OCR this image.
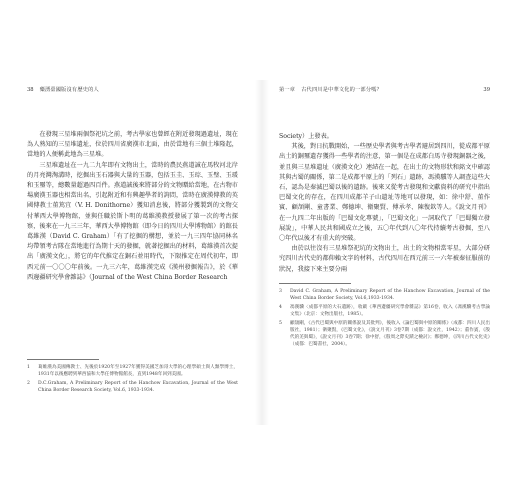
38 藥湧臺國版沒有歷史的人

在發現三星堆兩個祭祀坑之前，考古學家也曾經在附近發現過遺址，現在為人熟知的三星堆遺址，位於四川省廣漢市北面，由於當地有三個土堆隆起，當地的人便稱此地為三星堆。

三星堆遺址在一九二九年即有文物出土，當時的農民燕道誠在馬牧河北岸的月亮灣淘溝時，挖掘出玉石器與大量的玉器，包括玉圭、玉琮、玉璧、玉瑗和玉璽等，總數量超過四百件。燕道誠後來將部分的文物贈給當地，在古物市場廣漢玉器也相當出名，引起附近和有興趣學者的詢問，當時在廣漢傳教的英國傳教士董篤宜（V. H. Donithorne）獲知消息後，將部分獲製到的文物交付華西大學博物館，並與任職於斯卜明的葛維漢教授發展了第一次的考古探察，後來在一九三三年，華西大學博物館（即今日的四川大學博物館）的館長葛維漢（David C. Graham）「有了挖掘的構想，並於一九三四年協同林名均帶領考古隊在當地進行為期十天的發掘，就著挖掘出的材料，葛維漢首次提出「廣漢文化」，將它的年代推定在銅石並用時代，下限推定在周代初年，即西元前一〇〇〇年前後。一九三六年，葛維漢完成《漢州發掘報告》，於《華西邊疆研究學會雜誌》（Journal of the West China Border Research

1	葛維漢為美國傳教士、先後於1920年至1927年獲得美國芝加哥大學的心理學碩士與人類學博士，1931年以後應聘到華西協和大學任博物館館長，直到1948年回到美國。
2	D.C.Graham, A Preliminary Report of the Hanchow Excavation, Journal of the West China Border Research Society, Vol.6, 1933-1934.
第一章 古代四川是中華文化的一部分嗎？	39

Society）上發表。

其後，對日抗戰開始，一些歷史學者與考古學者避居到四川，從成都平原出土的銅璽遺存獲得一些學者的注意，第一個是在成都白馬寺發現銅器之後，並且與三星堆遺址（廣漢文化）連結在一起，在出土的文物形狀和銘文中確認其與古蜀的關係，第二是成都平原上的「列石」遺跡，馮漢驥等人調查這些大石，認為是秦滅巴蜀以後的遺跡。後來又從考古發現和文獻資料的研究中指出巴蜀文化的存在，在四川成都羊子山遺址等地可以發現，如：徐中舒、董作賓、顧頡剛、童書業、鄭德坤、衛聚賢、傅承孝、陳復欽等人。《說文月刊》在一九四二年出版的「巴蜀文化專號」，「巴蜀文化」一詞取代了「巴蜀獨立發展說」，中華人民共和國成立之後，五〇年代到八〇年代持續考古發掘，至八〇年代以後才有重大的突破。

由於以往沒有三星堆祭祀坑的文物出土，出土的文物相當零星，大部分研究四川古代史的都仰賴文字的材料，古代四川在西元前三一六年被秦征服前的狀況，我接下來主要分兩

3	David C. Graham, A Preliminary Report of the Hanchow Excavation, Journal of the West China Border Society, Vol.6,1933-1934.
4	馮漢驥〈成都平原的大石遺跡〉，收載《華西邊疆研究學會雜誌》第16卷，收入《馮漢驥考古學論文集》（北京：文物出版社，1985）。
5	顧頡剛，《古代巴蜀與中原的關係說及其批判》，後收入《論巴蜀與中原的關係》（成都：四川人民出版社，1981）；衛聚賢，《巴蜀文化》，《說文月刊》3卷7期（成都：說文社，1942）；董作賓，《殷代的羌與蜀》，《說文月刊》3卷7期；徐中舒，《殷周之際史蹟之檢討》；鄭德坤，《四川古代文化史》（成都：巴蜀書社，2004）。
